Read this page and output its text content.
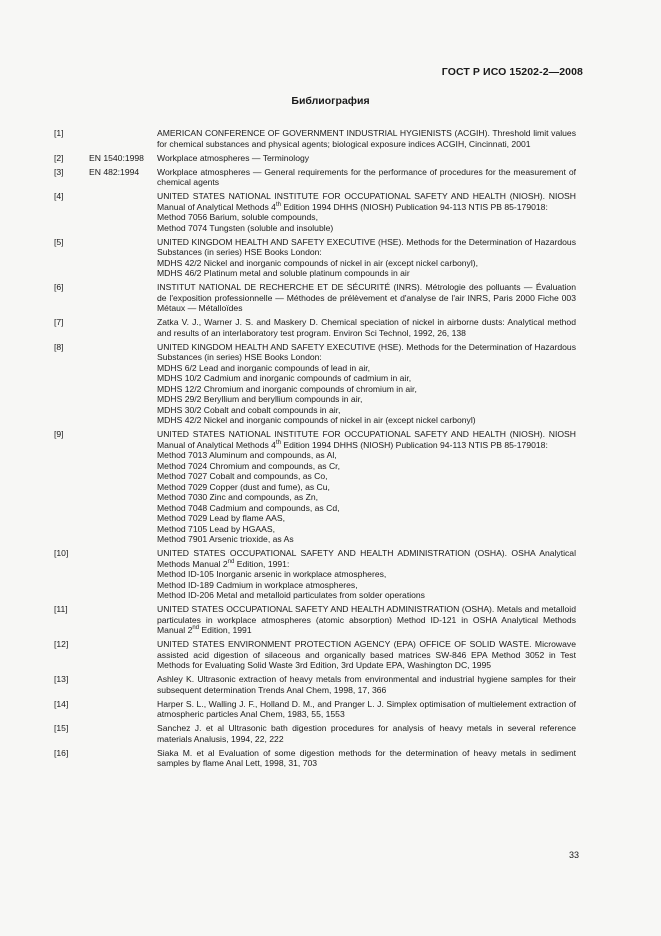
ГОСТ Р ИСО 15202-2—2008
Библиография
[1]	AMERICAN CONFERENCE OF GOVERNMENT INDUSTRIAL HYGIENISTS (ACGIH). Threshold limit values for chemical substances and physical agents; biological exposure indices ACGIH, Cincinnati, 2001
[2]	EN 1540:1998	Workplace atmospheres — Terminology
[3]	EN 482:1994	Workplace atmospheres — General requirements for the performance of procedures for the measurement of chemical agents
[4]	UNITED STATES NATIONAL INSTITUTE FOR OCCUPATIONAL SAFETY AND HEALTH (NIOSH). NIOSH Manual of Analytical Methods 4th Edition 1994 DHHS (NIOSH) Publication 94-113 NTIS PB 85-179018:
Method 7056 Barium, soluble compounds,
Method 7074 Tungsten (soluble and insoluble)
[5]	UNITED KINGDOM HEALTH AND SAFETY EXECUTIVE (HSE). Methods for the Determination of Hazardous Substances (in series) HSE Books London:
MDHS 42/2 Nickel and inorganic compounds of nickel in air (except nickel carbonyl),
MDHS 46/2 Platinum metal and soluble platinum compounds in air
[6]	INSTITUT NATIONAL DE RECHERCHE ET DE SÉCURITÉ (INRS). Métrologie des polluants — Évaluation de l'exposition professionnelle — Méthodes de prélèvement et d'analyse de l'air INRS, Paris 2000 Fiche 003 Métaux — Métalloïdes
[7]	Zatka V. J., Warner J. S. and Maskery D. Chemical speciation of nickel in airborne dusts: Analytical method and results of an interlaboratory test program. Environ Sci Technol, 1992, 26, 138
[8]	UNITED KINGDOM HEALTH AND SAFETY EXECUTIVE (HSE). Methods for the Determination of Hazardous Substances (in series) HSE Books London:
MDHS 6/2 Lead and inorganic compounds of lead in air,
MDHS 10/2 Cadmium and inorganic compounds of cadmium in air,
MDHS 12/2 Chromium and inorganic compounds of chromium in air,
MDHS 29/2 Beryllium and beryllium compounds in air,
MDHS 30/2 Cobalt and cobalt compounds in air,
MDHS 42/2 Nickel and inorganic compounds of nickel in air (except nickel carbonyl)
[9]	UNITED STATES NATIONAL INSTITUTE FOR OCCUPATIONAL SAFETY AND HEALTH (NIOSH). NIOSH Manual of Analytical Methods 4th Edition 1994 DHHS (NIOSH) Publication 94-113 NTIS PB 85-179018:
Method 7013 Aluminum and compounds, as Al,
Method 7024 Chromium and compounds, as Cr,
Method 7027 Cobalt and compounds, as Co,
Method 7029 Copper (dust and fume), as Cu,
Method 7030 Zinc and compounds, as Zn,
Method 7048 Cadmium and compounds, as Cd,
Method 7029 Lead by flame AAS,
Method 7105 Lead by HGAAS,
Method 7901 Arsenic trioxide, as As
[10]	UNITED STATES OCCUPATIONAL SAFETY AND HEALTH ADMINISTRATION (OSHA). OSHA Analytical Methods Manual 2nd Edition, 1991:
Method ID-105 Inorganic arsenic in workplace atmospheres,
Method ID-189 Cadmium in workplace atmospheres,
Method ID-206 Metal and metalloid particulates from solder operations
[11]	UNITED STATES OCCUPATIONAL SAFETY AND HEALTH ADMINISTRATION (OSHA). Metals and metalloid particulates in workplace atmospheres (atomic absorption) Method ID-121 in OSHA Analytical Methods Manual 2nd Edition, 1991
[12]	UNITED STATES ENVIRONMENT PROTECTION AGENCY (EPA) OFFICE OF SOLID WASTE. Microwave assisted acid digestion of silaceous and organically based matrices SW-846 EPA Method 3052 in Test Methods for Evaluating Solid Waste 3rd Edition, 3rd Update EPA, Washington DC, 1995
[13]	Ashley K. Ultrasonic extraction of heavy metals from environmental and industrial hygiene samples for their subsequent determination Trends Anal Chem, 1998, 17, 366
[14]	Harper S. L., Walling J. F., Holland D. M., and Pranger L. J. Simplex optimisation of multielement extraction of atmospheric particles Anal Chem, 1983, 55, 1553
[15]	Sanchez J. et al Ultrasonic bath digestion procedures for analysis of heavy metals in several reference materials Analusis, 1994, 22, 222
[16]	Siaka M. et al Evaluation of some digestion methods for the determination of heavy metals in sediment samples by flame Anal Lett, 1998, 31, 703
33
